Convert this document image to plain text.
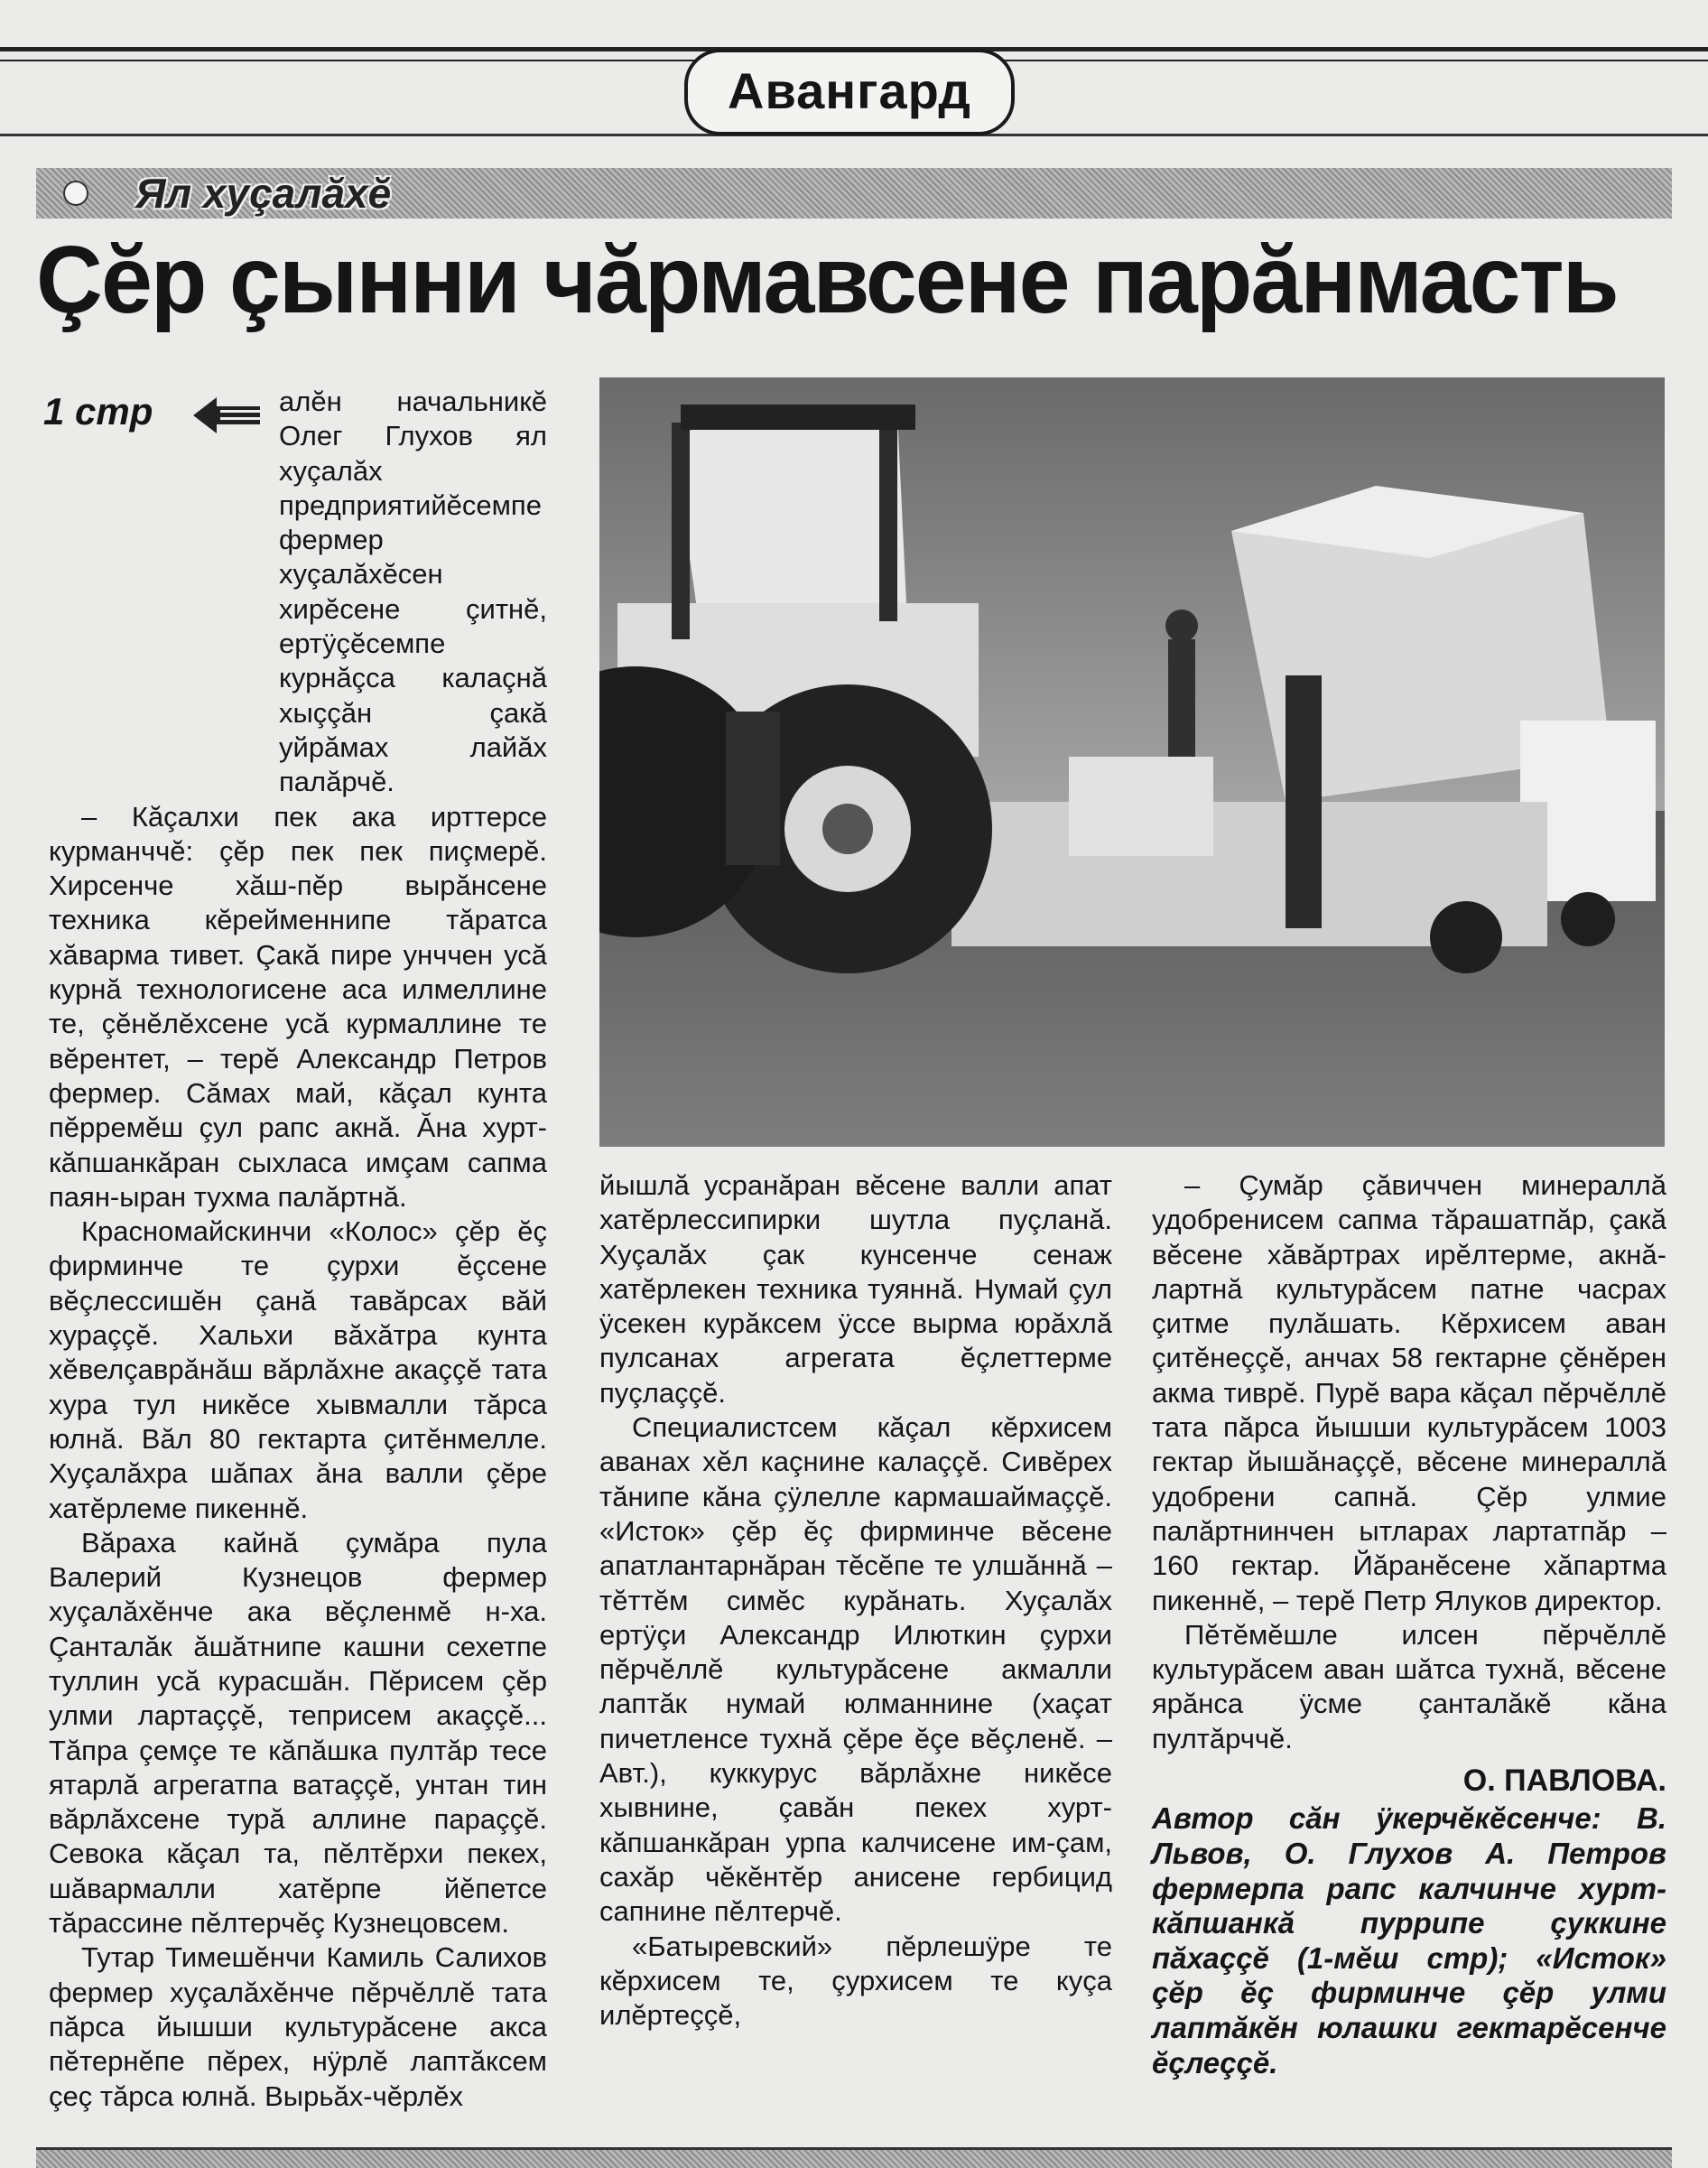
Авангард
Ял хуçалăхĕ
Çĕр çынни чăрмавсене парăнмасть
1 стр	алĕн начальникĕ Олег Глухов ял хуçалăх предприятийĕсемпе фермер хуçалăхĕсен хирĕсене çитнĕ, ертÿçĕсемпе курнăçса калаçнă хыççăн çакă уйрăмах лайăх палăрчĕ.

– Кăçалхи пек ака ирттерсе курманччĕ: çĕр пек пек пиçмерĕ. Хирсенче хăш-пĕр вырăнсене техника кĕрейменнипе тăратса хăварма тивет. Çакă пире унччен усă курнă технологисене аса илмеллине те, çĕнĕлĕхсене усă курмаллине те вĕрентет, – терĕ Александр Петров фермер. Сăмах май, кăçал кунта пĕрремĕш çул рапс акнă. Ăна хурт-кăпшанкăран сыхласа имçам сапма паян-ыран тухма палăртнă.

Красномайскинчи «Колос» çĕр ĕç фирминче те çурхи ĕçсене вĕçлессишĕн çанă тавăрсах вăй хураççĕ. Хальхи вăхăтра кунта хĕвелçаврăнăш вăрлăхне акаççĕ тата хура тул никĕсе хывмалли тăрса юлнă. Вăл 80 гектарта çитĕнмелле. Хуçалăхра шăпах ăна валли çĕре хатĕрлеме пикеннĕ.

Вăраха кайнă çумăра пула Валерий Кузнецов фермер хуçалăхĕнче ака вĕçленмĕ н-ха. Çанталăк ăшăтнипе кашни сехетпе туллин усă курасшăн. Пĕрисем çĕр улми лартаççĕ, теприсем акаççĕ... Тăпра çемçе те кăпăшка пултăр тесе ятарлă агрегатпа ватаççĕ, унтан тин вăрлăхсене турă аллине параççĕ. Севока кăçал та, пĕлтĕрхи пекех, шăвармалли хатĕрпе йĕпетсе тăрассине пĕлтерчĕç Кузнецовсем.

Тутар Тимешĕнчи Камиль Салихов фермер хуçалăхĕнче пĕрчĕллĕ тата пăрса йышши культурăсене акса пĕтернĕпе пĕрех, нÿрлĕ лаптăксем çеç тăрса юлнă. Вырьăх-чĕрлĕх

йышлă усранăран вĕсене валли апат хатĕрлессипирки шутла пуçланă. Хуçалăх çак кунсенче сенаж хатĕрлекен техника туяннă. Нумай çул ÿсекен курăксем ÿссе вырма юрăхлă пулсанах агрегата ĕçлеттерме пуçлаççĕ.

Специалистсем кăçал кĕрхисем аванах хĕл каçнине калаççĕ. Сивĕрех тăнипе кăна çÿлелле кармашаймаççĕ. «Исток» çĕр ĕç фирминче вĕсене апатлантарнăран тĕсĕпе те улшăннă – тĕттĕм симĕс курăнать. Хуçалăх ертÿçи Александр Илюткин çурхи пĕрчĕллĕ культурăсене акмалли лаптăк нумай юлманнине (хаçат пичетленсе тухнă çĕре ĕçе вĕçленĕ. – Авт.), куккурус вăрлăхне никĕсе хывнине, çавăн пекех хурт-кăпшанкăран урпа калчисене им-çам, сахăр чĕкĕнтĕр анисене гербицид сапнине пĕлтерчĕ.

«Батыревский» пĕрлешÿре те кĕрхисем те, çурхисем те куçа илĕртеççĕ,

– Çумăр çăвиччен минераллă удобренисем сапма тăрашатпăр, çакă вĕсене хăвăртрах ирĕлтерме, акнă-лартнă культурăсем патне часрах çитме пулăшать. Кĕрхисем аван çитĕнеççĕ, анчах 58 гектарне çĕнĕрен акма тиврĕ. Пурĕ вара кăçал пĕрчĕллĕ тата пăрса йышши культурăсем 1003 гектар йышăнаççĕ, вĕсене минераллă удобрени сапнă. Çĕр улмие палăртнинчен ытларах лартатпăр – 160 гектар. Йăранĕсене хăпартма пикеннĕ, – терĕ Петр Ялуков директор.

Пĕтĕмĕшле илсен пĕрчĕллĕ культурăсем аван шăтса тухнă, вĕсене ярăнса ÿсме çанталăкĕ кăна пултăрччĕ.

О. ПАВЛОВА.
Автор сăн ÿкерчĕкĕсенче: В. Львов, О. Глухов А. Петров фермерпа рапс калчинче хурт-кăпшанкă пуррипе çуккине пăхаççĕ (1-мĕш стр); «Исток» çĕр ĕç фирминче çĕр улми лаптăкĕн юлашки гектарĕсенче ĕçлеççĕ.
